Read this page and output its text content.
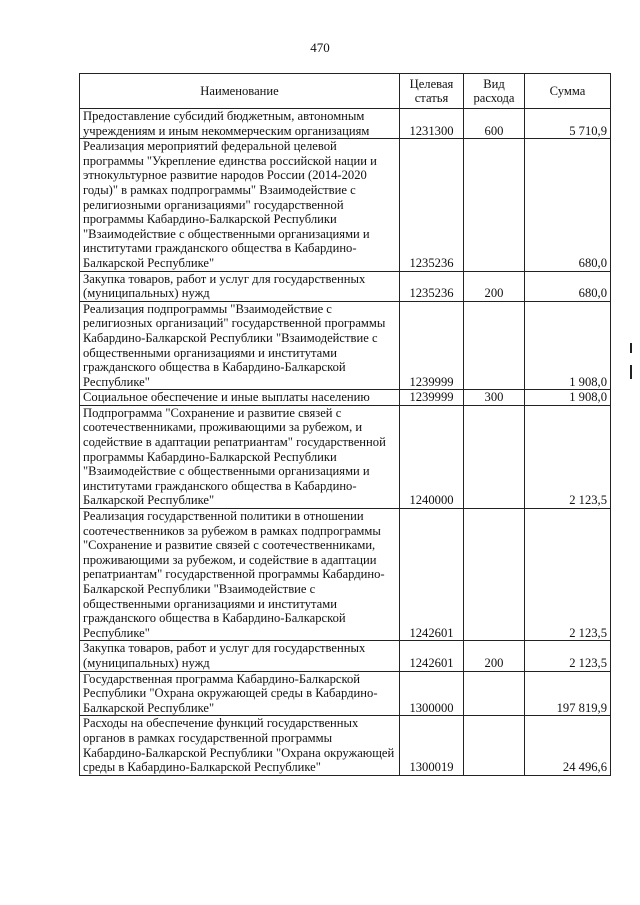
470
Наименование	Целевая статья	Вид расхода	Сумма
Предоставление субсидий бюджетным, автономным учреждениям и иным некоммерческим организациям	1231300	600	5 710,9
Реализация мероприятий федеральной целевой программы "Укрепление единства российской нации и этнокультурное развитие народов России (2014-2020 годы)" в рамках подпрограммы" Взаимодействие с религиозными организациями" государственной программы Кабардино-Балкарской Республики "Взаимодействие с общественными организациями и институтами гражданского общества в Кабардино-Балкарской Республике"	1235236		680,0
Закупка товаров, работ и услуг для государственных (муниципальных) нужд	1235236	200	680,0
Реализация подпрограммы "Взаимодействие с религиозных организаций" государственной программы Кабардино-Балкарской Республики "Взаимодействие с общественными организациями и институтами гражданского общества в Кабардино-Балкарской Республике"	1239999		1 908,0
Социальное обеспечение и иные выплаты населению	1239999	300	1 908,0
Подпрограмма "Сохранение и развитие связей с соотечественниками, проживающими за рубежом, и содействие в адаптации репатриантам" государственной программы Кабардино-Балкарской Республики "Взаимодействие с общественными организациями и институтами гражданского общества в Кабардино-Балкарской Республике"	1240000		2 123,5
Реализация государственной политики в отношении соотечественников за рубежом в рамках подпрограммы "Сохранение и развитие связей с соотечественниками, проживающими за рубежом, и содействие в адаптации репатриантам" государственной программы Кабардино-Балкарской Республики "Взаимодействие с общественными организациями и институтами гражданского общества в Кабардино-Балкарской Республике"	1242601		2 123,5
Закупка товаров, работ и услуг для государственных (муниципальных) нужд	1242601	200	2 123,5
Государственная программа Кабардино-Балкарской Республики "Охрана окружающей среды в Кабардино-Балкарской Республике"	1300000		197 819,9
Расходы на обеспечение функций государственных органов в рамках государственной программы Кабардино-Балкарской Республики "Охрана окружающей среды в Кабардино-Балкарской Республике"	1300019		24 496,6
